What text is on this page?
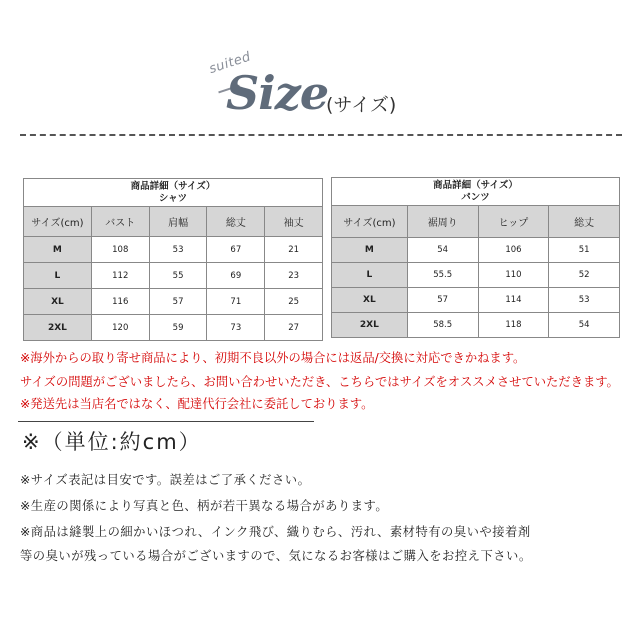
suited
Size
(サイズ)
商品詳細（サイズ）
シャツ				

サイズ(cm)	バスト	肩幅	総丈	袖丈
M	108	53	67	21
L	112	55	69	23
XL	116	57	71	25
2XL	120	59	73	27
商品詳細（サイズ）
パンツ			

サイズ(cm)	裾周り	ヒップ	総丈
M	54	106	51
L	55.5	110	52
XL	57	114	53
2XL	58.5	118	54
※海外からの取り寄せ商品により、初期不良以外の場合には返品/交換に対応できかねます。
サイズの問題がございましたら、お問い合わせいただき、こちらではサイズをオススメさせていただきます。
※発送先は当店名ではなく、配達代行会社に委託しております。
※（単位:約cm）
※サイズ表記は目安です。誤差はご了承ください。
※生産の関係により写真と色、柄が若干異なる場合があります。
※商品は縫製上の細かいほつれ、インク飛び、織りむら、汚れ、素材特有の臭いや接着剤
等の臭いが残っている場合がございますので、気になるお客様はご購入をお控え下さい。
